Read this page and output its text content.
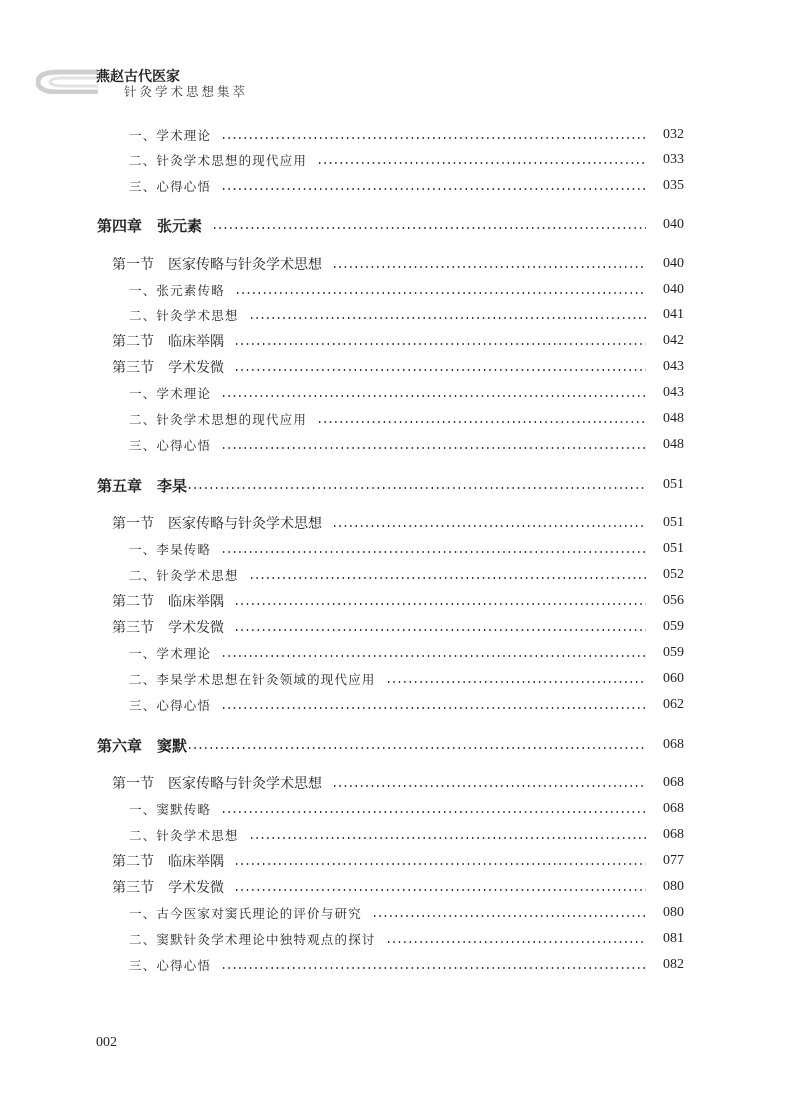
燕赵古代医家
针灸学术思想集萃
一、学术理论	032
二、针灸学术思想的现代应用	033
三、心得心悟	035
第四章　张元素	040
第一节　医家传略与针灸学术思想	040
一、张元素传略	040
二、针灸学术思想	041
第二节　临床举隅	042
第三节　学术发微	043
一、学术理论	043
二、针灸学术思想的现代应用	048
三、心得心悟	048
第五章　李杲	051
第一节　医家传略与针灸学术思想	051
一、李杲传略	051
二、针灸学术思想	052
第二节　临床举隅	056
第三节　学术发微	059
一、学术理论	059
二、李杲学术思想在针灸领域的现代应用	060
三、心得心悟	062
第六章　窦默	068
第一节　医家传略与针灸学术思想	068
一、窦默传略	068
二、针灸学术思想	068
第二节　临床举隅	077
第三节　学术发微	080
一、古今医家对窦氏理论的评价与研究	080
二、窦默针灸学术理论中独特观点的探讨	081
三、心得心悟	082
002
